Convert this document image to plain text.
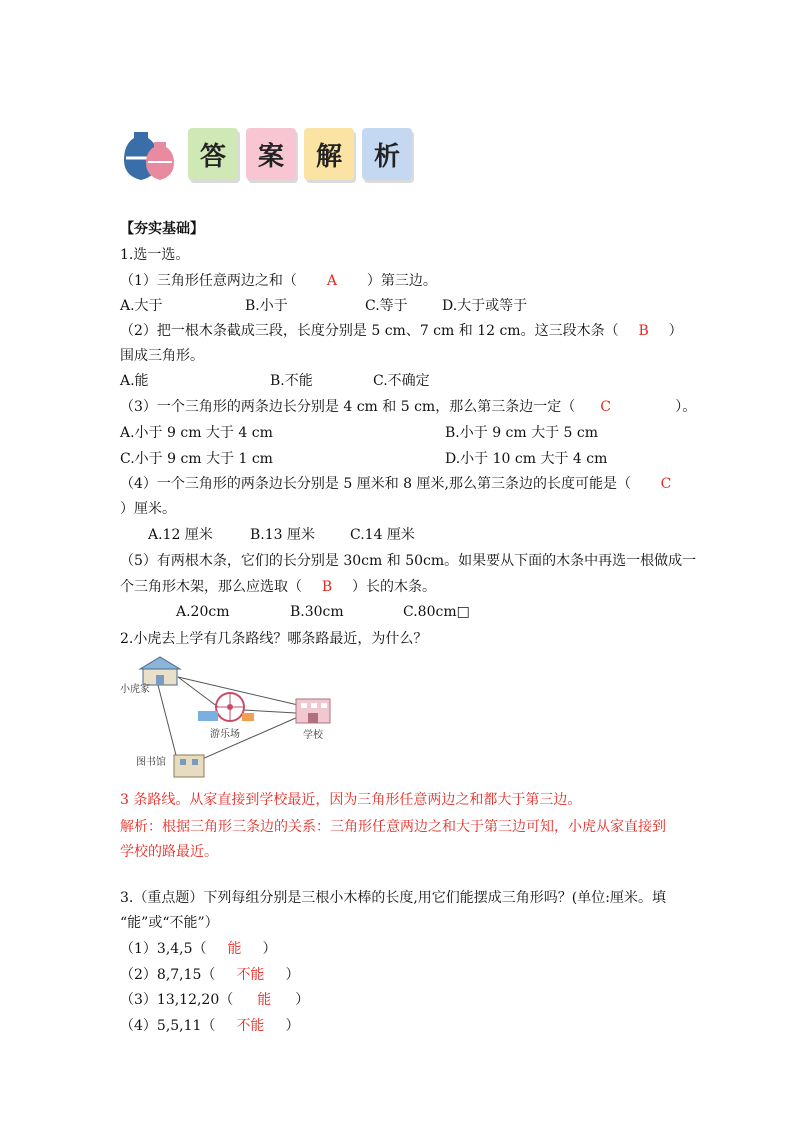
答	案	解	析
【夯实基础】
1.选一选。
（1）三角形任意两边之和（ A ）第三边。
A.大于	B.小于	C.等于 D.大于或等于
（2）把一根木条截成三段，长度分别是 5 cm、7 cm 和 12 cm。这三段木条（ B ）
围成三角形。
A.能	B.不能	C.不确定
（3）一个三角形的两条边长分别是 4 cm 和 5 cm，那么第三条边一定（ C	）。
A.小于 9 cm 大于 4 cm	B.小于 9 cm 大于 5 cm
C.小于 9 cm 大于 1 cm	D.小于 10 cm 大于 4 cm
（4）一个三角形的两条边长分别是 5 厘米和 8 厘米,那么第三条边的长度可能是（ C
）厘米。
A.12 厘米	B.13 厘米 C.14 厘米
（5）有两根木条，它们的长分别是 30cm 和 50cm。如果要从下面的木条中再选一根做成一
个三角形木架，那么应选取（ B ）长的木条。
A.20cm	B.30cm	C.80cm□
2.小虎去上学有几条路线？哪条路最近，为什么？
小虎家
游乐场	学校
图书馆
3 条路线。从家直接到学校最近，因为三角形任意两边之和都大于第三边。
解析：根据三角形三条边的关系：三角形任意两边之和大于第三边可知，小虎从家直接到
学校的路最近。
3.（重点题）下列每组分别是三根小木棒的长度,用它们能摆成三角形吗？(单位:厘米。填
“能”或“不能”）
（1）3,4,5（ 能 ）
（2）8,7,15（ 不能 ）
（3）13,12,20（ 能 ）
（4）5,5,11（ 不能 ）
